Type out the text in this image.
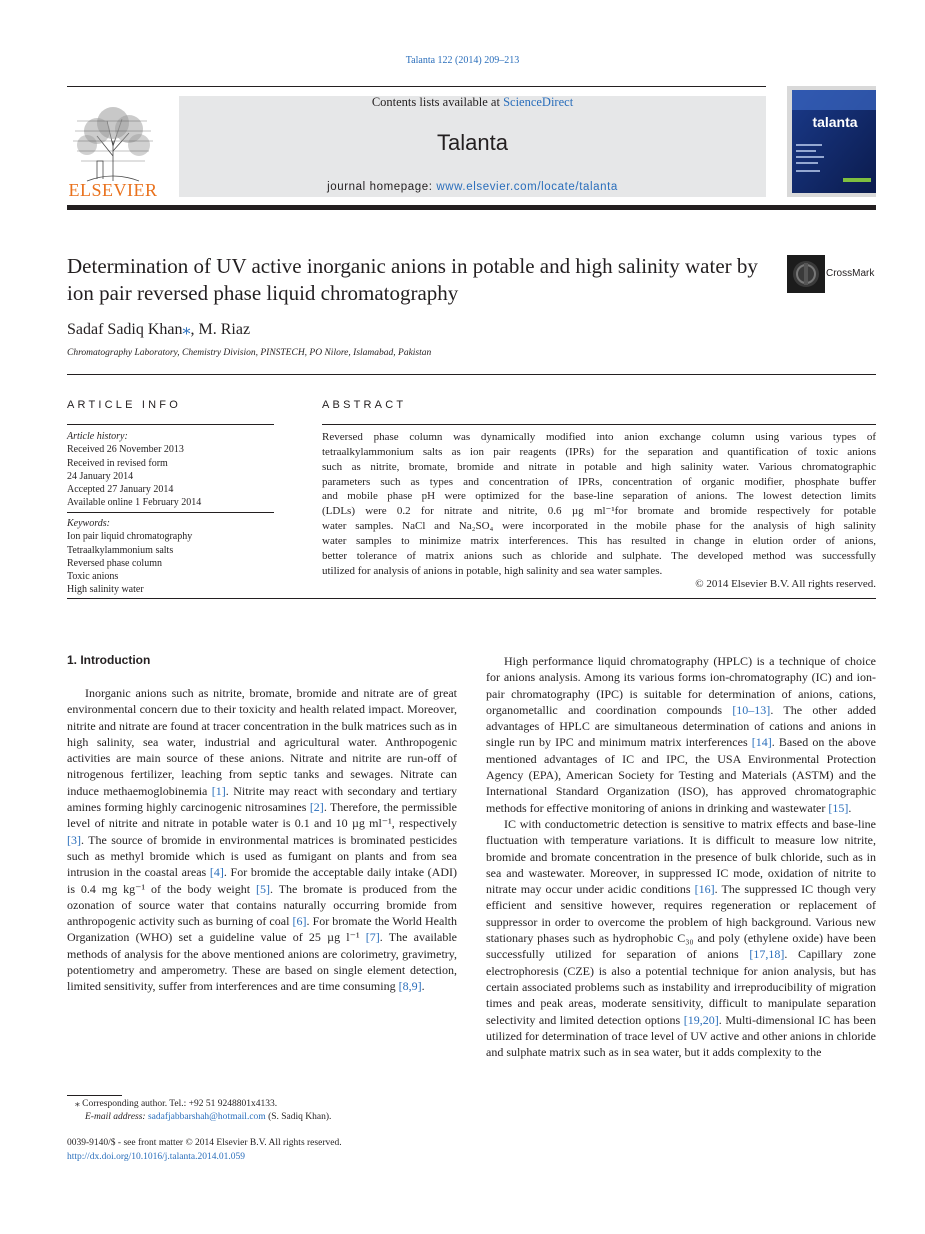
Talanta 122 (2014) 209–213
ELSEVIER
Contents lists available at ScienceDirect
Talanta
journal homepage: www.elsevier.com/locate/talanta
talanta
Determination of UV active inorganic anions in potable and high salinity water by ion pair reversed phase liquid chromatography
CrossMark
Sadaf Sadiq Khan⁎, M. Riaz
Chromatography Laboratory, Chemistry Division, PINSTECH, PO Nilore, Islamabad, Pakistan
ARTICLE INFO	ABSTRACT
Article history:
Received 26 November 2013
Received in revised form
24 January 2014
Accepted 27 January 2014
Available online 1 February 2014
Keywords:
Ion pair liquid chromatography
Tetraalkylammonium salts
Reversed phase column
Toxic anions
High salinity water
Reversed phase column was dynamically modified into anion exchange column using various types of
tetraalkylammonium salts as ion pair reagents (IPRs) for the separation and quantification of toxic anions
such as nitrite, bromate, bromide and nitrate in potable and high salinity water. Various chromatographic
parameters such as types and concentration of IPRs, concentration of organic modifier, phosphate buffer
and mobile phase pH were optimized for the base-line separation of anions. The lowest detection limits
(LDLs) were 0.2 for nitrate and nitrite, 0.6 µg ml⁻¹for bromate and bromide respectively for potable
water samples. NaCl and Na₂SO₄ were incorporated in the mobile phase for the analysis of high salinity
water samples to minimize matrix interferences. This has resulted in change in elution order of anions,
better tolerance of matrix anions such as chloride and sulphate. The developed method was successfully
utilized for analysis of anions in potable, high salinity and sea water samples.
© 2014 Elsevier B.V. All rights reserved.
1. Introduction

Inorganic anions such as nitrite, bromate, bromide and nitrate are of great environmental concern due to their toxicity and health related impact. Moreover, nitrite and nitrate are found at tracer concentration in the bulk matrices such as in high salinity, sea water, industrial and agricultural water. Anthropogenic activities are main source of these anions. Nitrate and nitrite are run-off of nitrogenous fertilizer, leaching from septic tanks and sewages. Nitrate can induce methaemoglobinemia [1]. Nitrite may react with secondary and tertiary amines forming highly carcinogenic nitrosamines [2]. Therefore, the permissible level of nitrite and nitrate in potable water is 0.1 and 10 µg ml⁻¹, respectively [3]. The source of bromide in environmental matrices is brominated pesticides such as methyl bromide which is used as fumigant on plants and from sea intrusion in the coastal areas [4]. For bromide the acceptable daily intake (ADI) is 0.4 mg kg⁻¹ of the body weight [5]. The bromate is produced from the ozonation of source water that contains naturally occurring bromide from anthropogenic activity such as burning of coal [6]. For bromate the World Health Organization (WHO) set a guideline value of 25 µg l⁻¹ [7]. The available methods of analysis for the above mentioned anions are colorimetry, gravimetry, potentiometry and amperometry. These are based on single element detection, limited sensitivity, suffer from interferences and are time consuming [8,9].

High performance liquid chromatography (HPLC) is a technique of choice for anions analysis. Among its various forms ion-chromatography (IC) and ion-pair chromatography (IPC) is suitable for determination of anions, cations, organometallic and coordination compounds [10–13]. The other added advantages of HPLC are simultaneous determination of cations and anions in single run by IPC and minimum matrix interferences [14]. Based on the above mentioned advantages of IC and IPC, the USA Environmental Protection Agency (EPA), American Society for Testing and Materials (ASTM) and the International Standard Organization (ISO), has approved chromatographic methods for effective monitoring of anions in drinking and wastewater [15].

IC with conductometric detection is sensitive to matrix effects and base-line fluctuation with temperature variations. It is difficult to measure low nitrite, bromide and bromate concentration in the presence of bulk chloride, such as in sea and wastewater. Moreover, in suppressed IC mode, oxidation of nitrite to nitrate may occur under acidic conditions [16]. The suppressed IC though very efficient and sensitive however, requires regeneration or replacement of suppressor in order to overcome the problem of high background. Various new stationary phases such as hydrophobic C₃₀ and poly (ethylene oxide) have been successfully utilized for separation of anions [17,18]. Capillary zone electrophoresis (CZE) is also a potential technique for anion analysis, but has certain associated problems such as instability and irreproducibility of migration times and peak areas, moderate sensitivity, difficult to manipulate separation selectivity and limited detection options [19,20]. Multi-dimensional IC has been utilized for determination of trace level of UV active and other anions in chloride and sulphate matrix such as in sea water, but it adds complexity to the

⁎ Corresponding author. Tel.: +92 51 9248801x4133.
E-mail address: sadafjabbarshah@hotmail.com (S. Sadiq Khan).
0039-9140/$ - see front matter © 2014 Elsevier B.V. All rights reserved.
http://dx.doi.org/10.1016/j.talanta.2014.01.059
